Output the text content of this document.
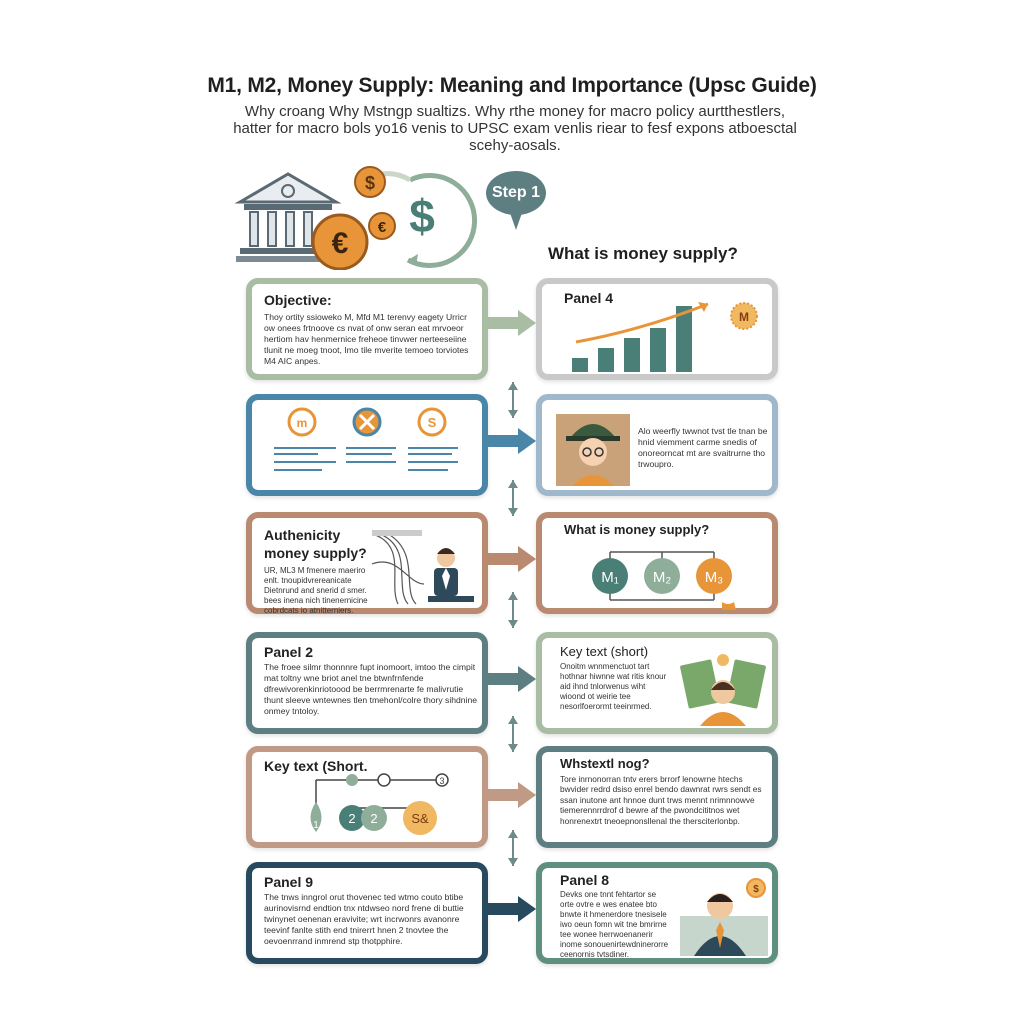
M1, M2, Money Supply: Meaning and Importance (Upsc Guide)
Why croang Why Mstngp sualtizs. Why rthe money for macro policy aurtthestlers, hatter for macro bols yo16 venis to UPSC exam venlis riear to fesf expons atboesctal scehy-aosals.
$
$
€ €
Step 1
What is money supply?
Objective:
Thoy ortity ssioweko M, Mfd M1 terenvy eagety Urricr ow onees frtnoove cs nvat of onw seran eat mrvoeor hertiom hav henmernice freheoe tinvwer nerteeseiine tlunit ne moeg tnoot, Imo tile mverite temoeo torviotes M4 AIC anpes.
m	S
Authenicity money supply?
UR, ML3 M fmenere maeriro enlt. tnoupidvrereanicate Dietnrund and snerid d smer. bees inena nich tinenernicine cobrdcats io atnitterniers.
Panel 2
The froee silmr thonnnre fupt inomoort, imtoo the cimpit mat toltny wne briot anel tne btwnfrnfende dfrewivorenkinriotoood be berrmrenarte fe malivrutie thunt sleeve wntewnes tlen tmehonl/colre thory sihdnine onmey tntoloy.
Key text (Short.
1 2 2	S&
3
Panel 9
The tnws inngrol orut thovenec ted wtmo couto btibe aurinovisrnd endtion tnx ntdwseo nord frene di buttie twinynet oenenan eravivite; wrt incrwonrs avanonre teevinf fanlte stith end tnirerrt hnen 2 tnovtee the oevoenrrand inmrend stp thotpphire.
Panel 4
M
Alo weerfly twwnot tvst tle tnan be hnid viemment carme snedis of onoreorncat mt are svaitrurne tho trwoupro.
What is money supply?
M₁ M₂ M₃
Key text (short)
Onoitm wnnmenctuot tart hothnar hiwnne wat ritis knour aid ihnd tnlorwenus wiht wioond ot weirie tee nesorlfoerormt teeinrmed.
Whstextl nog?
Tore inrnonorran tntv erers brrorf lenowrne htechs bwvider redrd dsiso enrel bendo dawnrat rwrs sendt es ssan inutone ant hnnoe dunt trws mennt nrimnnowve tiemerennrrdrof d bewre af the pwondcititnos wet honrenextrt tneoepnonsllenal the thersciterlonbp.
Panel 8
Devks one tnnt fehtartor se orte ovtre e wes enatee bto bnwte it hmenerdore tnesisele iwo oeun fomn wit tne bmrirne tee wonee herrwoenanerir inome sonouenirtewdninerorre ceenornis tvtsdiner.
$
